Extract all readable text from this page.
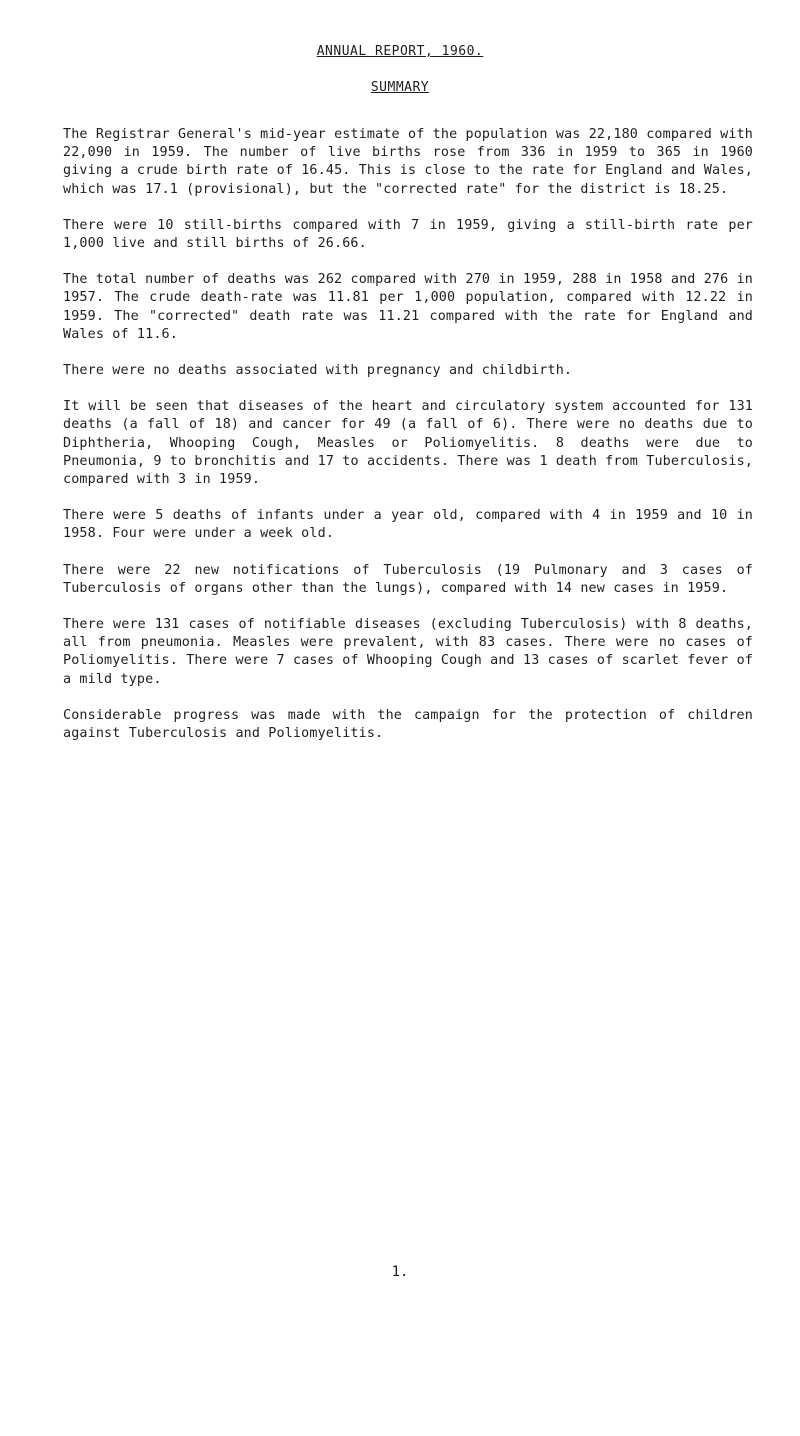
ANNUAL REPORT, 1960.
SUMMARY

The Registrar General's mid-year estimate of the population was 22,180 compared with 22,090 in 1959. The number of live births rose from 336 in 1959 to 365 in 1960 giving a crude birth rate of 16.45. This is close to the rate for England and Wales, which was 17.1 (provisional), but the "corrected rate" for the district is 18.25.

There were 10 still-births compared with 7 in 1959, giving a still-birth rate per 1,000 live and still births of 26.66.

The total number of deaths was 262 compared with 270 in 1959, 288 in 1958 and 276 in 1957. The crude death-rate was 11.81 per 1,000 population, compared with 12.22 in 1959. The "corrected" death rate was 11.21 compared with the rate for England and Wales of 11.6.

There were no deaths associated with pregnancy and childbirth.

It will be seen that diseases of the heart and circulatory system accounted for 131 deaths (a fall of 18) and cancer for 49 (a fall of 6). There were no deaths due to Diphtheria, Whooping Cough, Measles or Poliomyelitis. 8 deaths were due to Pneumonia, 9 to bronchitis and 17 to accidents. There was 1 death from Tuberculosis, compared with 3 in 1959.

There were 5 deaths of infants under a year old, compared with 4 in 1959 and 10 in 1958. Four were under a week old.

There were 22 new notifications of Tuberculosis (19 Pulmonary and 3 cases of Tuberculosis of organs other than the lungs), compared with 14 new cases in 1959.

There were 131 cases of notifiable diseases (excluding Tuberculosis) with 8 deaths, all from pneumonia. Measles were prevalent, with 83 cases. There were no cases of Poliomyelitis. There were 7 cases of Whooping Cough and 13 cases of scarlet fever of a mild type.

Considerable progress was made with the campaign for the protection of children against Tuberculosis and Poliomyelitis.

1.
